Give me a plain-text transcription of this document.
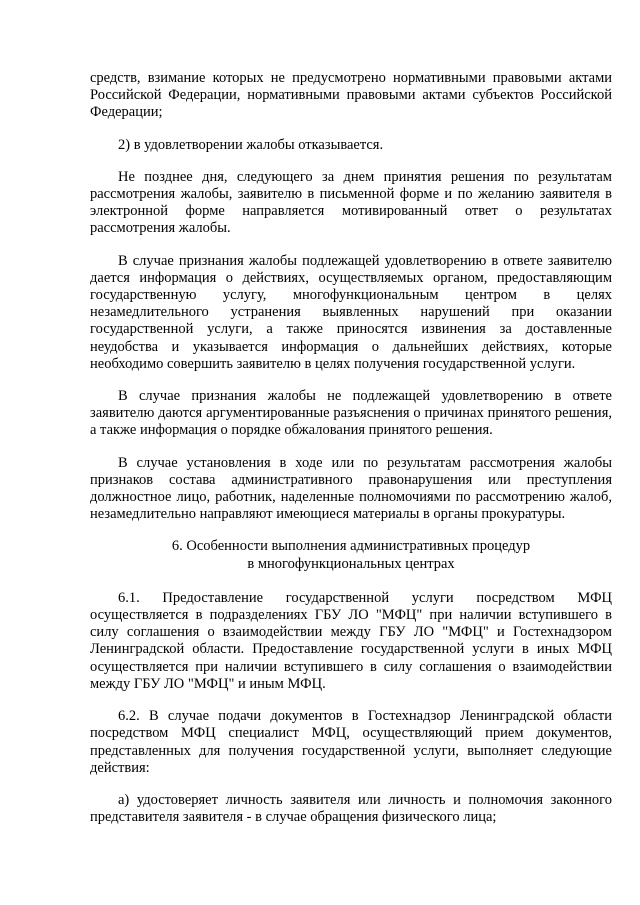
средств, взимание которых не предусмотрено нормативными правовыми актами Российской Федерации, нормативными правовыми актами субъектов Российской Федерации;

2) в удовлетворении жалобы отказывается.

Не позднее дня, следующего за днем принятия решения по результатам рассмотрения жалобы, заявителю в письменной форме и по желанию заявителя в электронной форме направляется мотивированный ответ о результатах рассмотрения жалобы.

В случае признания жалобы подлежащей удовлетворению в ответе заявителю дается информация о действиях, осуществляемых органом, предоставляющим государственную услугу, многофункциональным центром в целях незамедлительного устранения выявленных нарушений при оказании государственной услуги, а также приносятся извинения за доставленные неудобства и указывается информация о дальнейших действиях, которые необходимо совершить заявителю в целях получения государственной услуги.

В случае признания жалобы не подлежащей удовлетворению в ответе заявителю даются аргументированные разъяснения о причинах принятого решения, а также информация о порядке обжалования принятого решения.

В случае установления в ходе или по результатам рассмотрения жалобы признаков состава административного правонарушения или преступления должностное лицо, работник, наделенные полномочиями по рассмотрению жалоб, незамедлительно направляют имеющиеся материалы в органы прокуратуры.

6. Особенности выполнения административных процедур
в многофункциональных центрах

6.1. Предоставление государственной услуги посредством МФЦ осуществляется в подразделениях ГБУ ЛО "МФЦ" при наличии вступившего в силу соглашения о взаимодействии между ГБУ ЛО "МФЦ" и Гостехнадзором Ленинградской области. Предоставление государственной услуги в иных МФЦ осуществляется при наличии вступившего в силу соглашения о взаимодействии между ГБУ ЛО "МФЦ" и иным МФЦ.

6.2. В случае подачи документов в Гостехнадзор Ленинградской области посредством МФЦ специалист МФЦ, осуществляющий прием документов, представленных для получения государственной услуги, выполняет следующие действия:

а) удостоверяет личность заявителя или личность и полномочия законного представителя заявителя - в случае обращения физического лица;
